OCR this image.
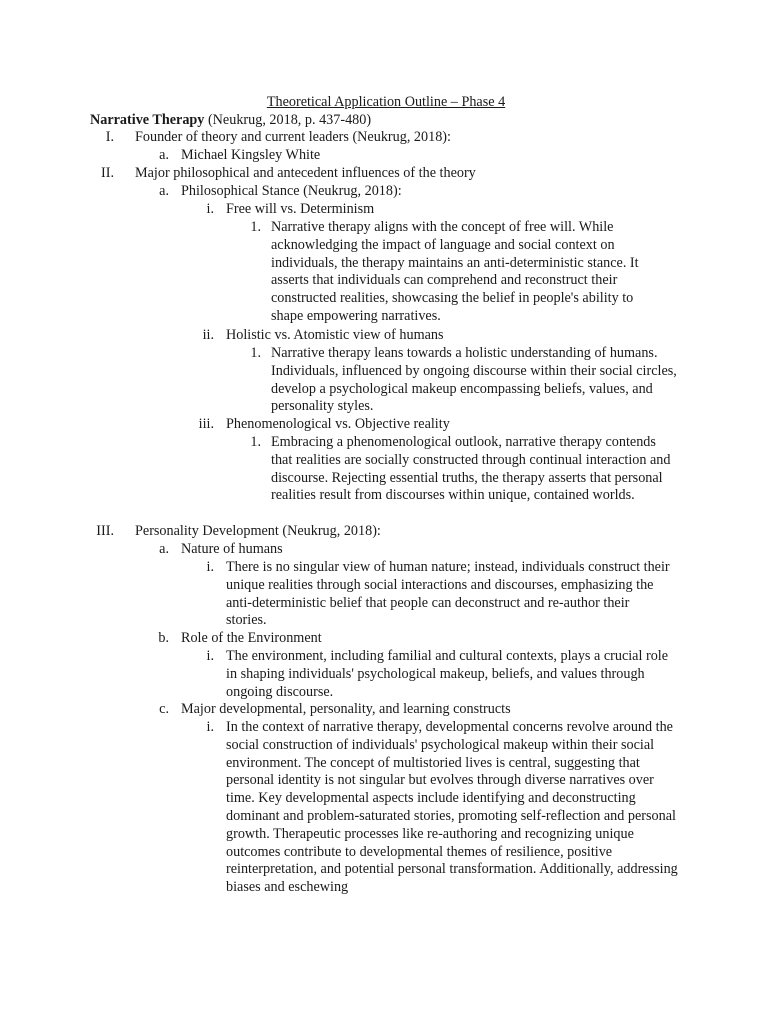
Theoretical Application Outline – Phase 4
Narrative Therapy (Neukrug, 2018, p. 437-480)
I. Founder of theory and current leaders (Neukrug, 2018):
a. Michael Kingsley White
II. Major philosophical and antecedent influences of the theory
a. Philosophical Stance (Neukrug, 2018):
i. Free will vs. Determinism
1. Narrative therapy aligns with the concept of free will. While acknowledging the impact of language and social context on individuals, the therapy maintains an anti-deterministic stance. It asserts that individuals can comprehend and reconstruct their constructed realities, showcasing the belief in people's ability to shape empowering narratives.
ii. Holistic vs. Atomistic view of humans
1. Narrative therapy leans towards a holistic understanding of humans. Individuals, influenced by ongoing discourse within their social circles, develop a psychological makeup encompassing beliefs, values, and personality styles.
iii. Phenomenological vs. Objective reality
1. Embracing a phenomenological outlook, narrative therapy contends that realities are socially constructed through continual interaction and discourse. Rejecting essential truths, the therapy asserts that personal realities result from discourses within unique, contained worlds.
III. Personality Development (Neukrug, 2018):
a. Nature of humans
i. There is no singular view of human nature; instead, individuals construct their unique realities through social interactions and discourses, emphasizing the anti-deterministic belief that people can deconstruct and re-author their stories.
b. Role of the Environment
i. The environment, including familial and cultural contexts, plays a crucial role in shaping individuals' psychological makeup, beliefs, and values through ongoing discourse.
c. Major developmental, personality, and learning constructs
i. In the context of narrative therapy, developmental concerns revolve around the social construction of individuals' psychological makeup within their social environment. The concept of multistoried lives is central, suggesting that personal identity is not singular but evolves through diverse narratives over time. Key developmental aspects include identifying and deconstructing dominant and problem-saturated stories, promoting self-reflection and personal growth. Therapeutic processes like re-authoring and recognizing unique outcomes contribute to developmental themes of resilience, positive reinterpretation, and potential personal transformation. Additionally, addressing biases and eschewing
